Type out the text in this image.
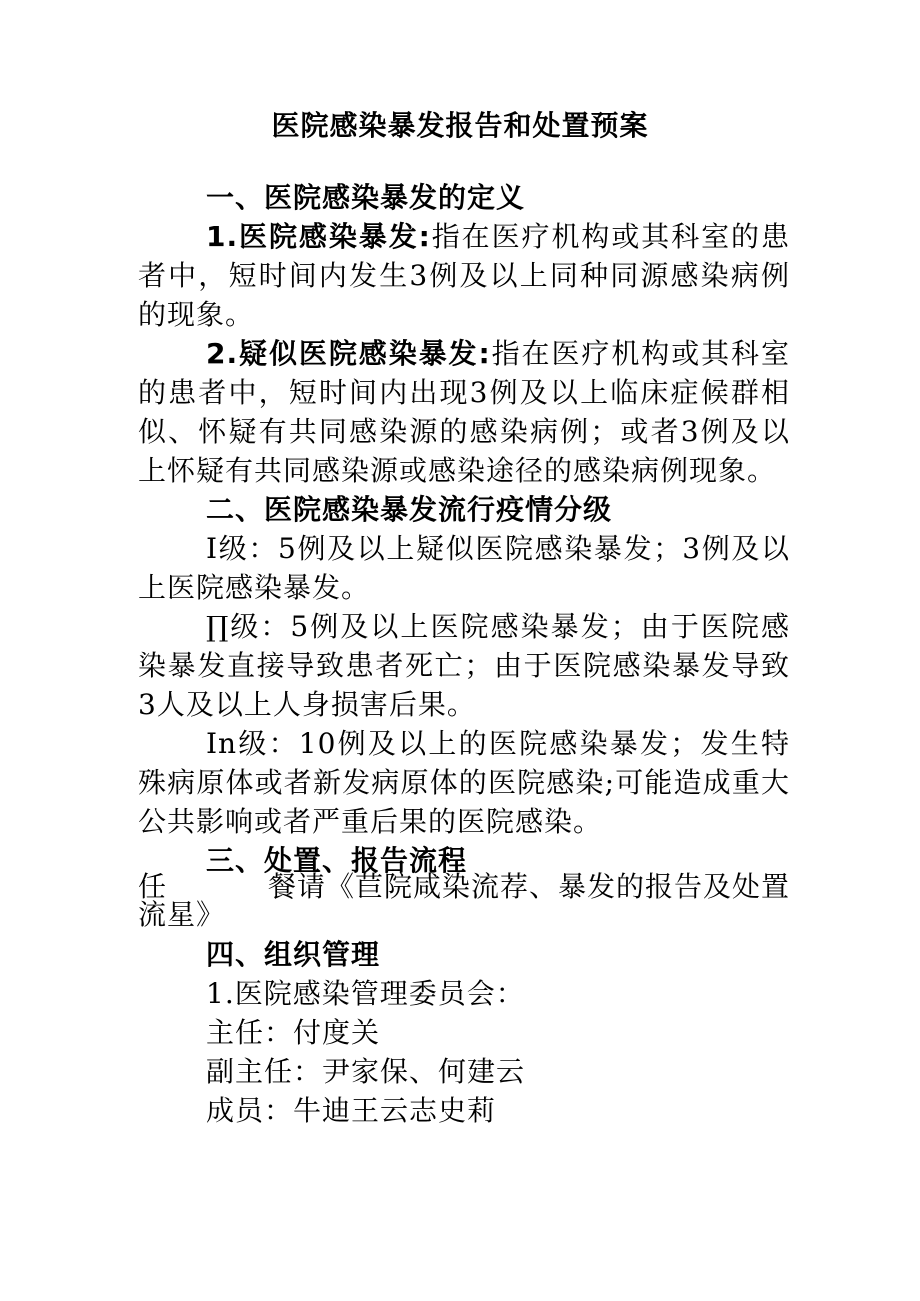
医院感染暴发报告和处置预案

一、医院感染暴发的定义

1.医院感染暴发:指在医疗机构或其科室的患者中，短时间内发生3例及以上同种同源感染病例的现象。

2.疑似医院感染暴发:指在医疗机构或其科室的患者中，短时间内出现3例及以上临床症候群相似、怀疑有共同感染源的感染病例；或者3例及以上怀疑有共同感染源或感染途径的感染病例现象。

二、医院感染暴发流行疫情分级

I级：5例及以上疑似医院感染暴发；3例及以上医院感染暴发。

∏级：5例及以上医院感染暴发；由于医院感染暴发直接导致患者死亡；由于医院感染暴发导致3人及以上人身损害后果。

In级：10例及以上的医院感染暴发；发生特殊病原体或者新发病原体的医院感染;可能造成重大公共影响或者严重后果的医院感染。

三、处置、报告流程
任	餐请《苣院咸染流荐、暴发的报告及处置
流星》

四、组织管理

1.医院感染管理委员会：

主任：付度关

副主任：尹家保、何建云

成员：牛迪王云志史莉
